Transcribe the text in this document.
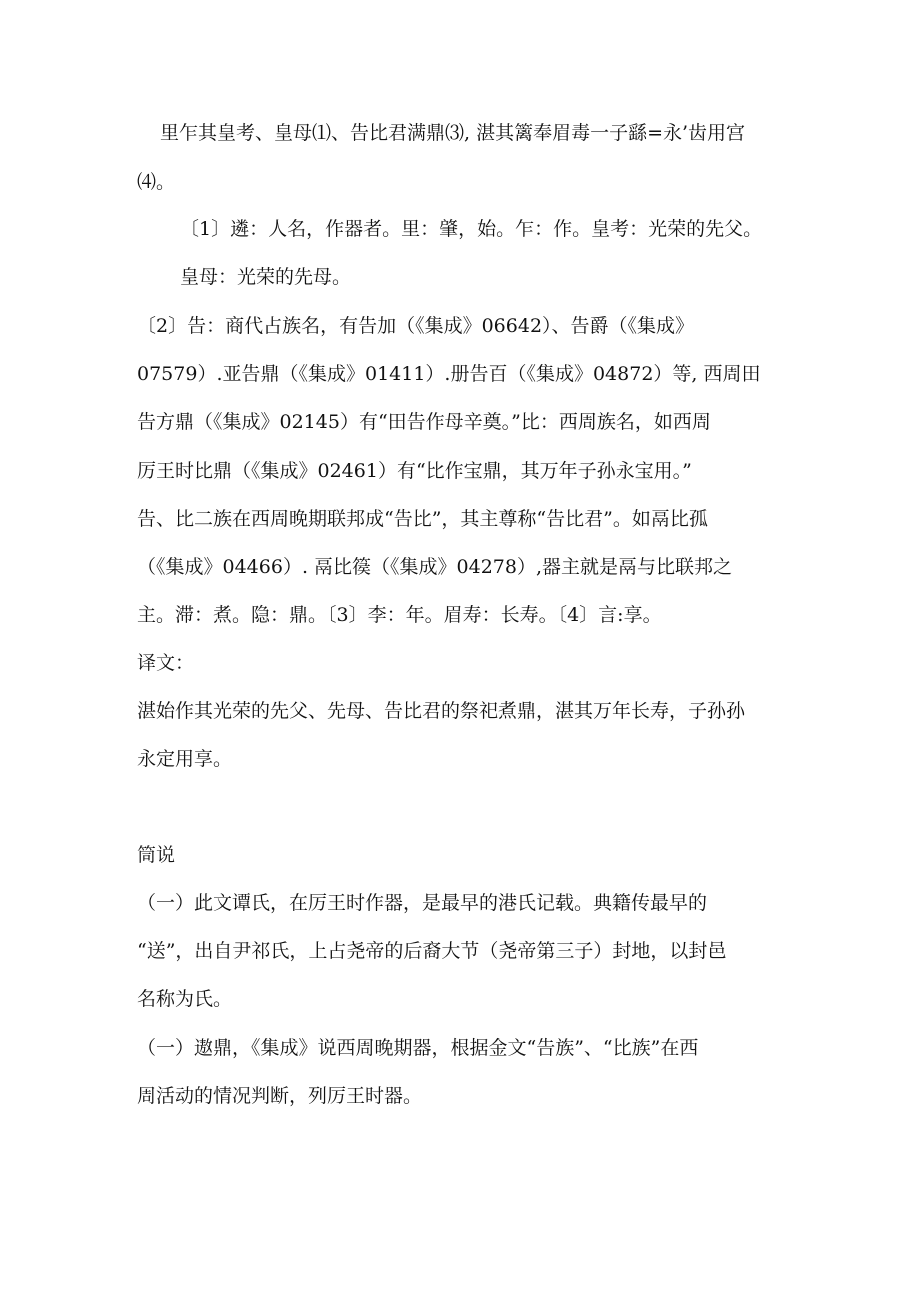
里乍其皇考、皇母⑴、告比君满鼎⑶, 湛其篱奉眉毒一子繇=永’齿用宫
⑷。
〔1〕遴：人名，作器者。里：肇，始。乍：作。皇考：光荣的先父。
皇母：光荣的先母。
〔2〕告：商代占族名，有告加（《集成》06642）、告爵（《集成》
07579）.亚告鼎（《集成》01411）.册告百（《集成》04872）等, 西周田
告方鼎（《集成》02145）有“田告作母辛奠。”比：西周族名，如西周
厉王时比鼎（《集成》02461）有“比作宝鼎，其万年子孙永宝用。”
告、比二族在西周晚期联邦成“告比”，其主尊称“告比君”。如鬲比孤
（《集成》04466）. 鬲比篌（《集成》04278）,器主就是鬲与比联邦之
主。滞：煮。隐：鼎。〔3〕李：年。眉寿：长寿。〔4〕言:享。
译文：
湛始作其光荣的先父、先母、告比君的祭祀煮鼎，湛其万年长寿，子孙孙
永定用享。
筒说
（一）此文谭氏，在厉王时作器，是最早的港氏记载。典籍传最早的
“送”，出自尹祁氏，上占尧帝的后裔大节（尧帝第三子）封地，以封邑
名称为氏。
（一）遨鼎，《集成》说西周晚期器，根据金文“告族”、“比族”在西
周活动的情况判断，列厉王时器。
